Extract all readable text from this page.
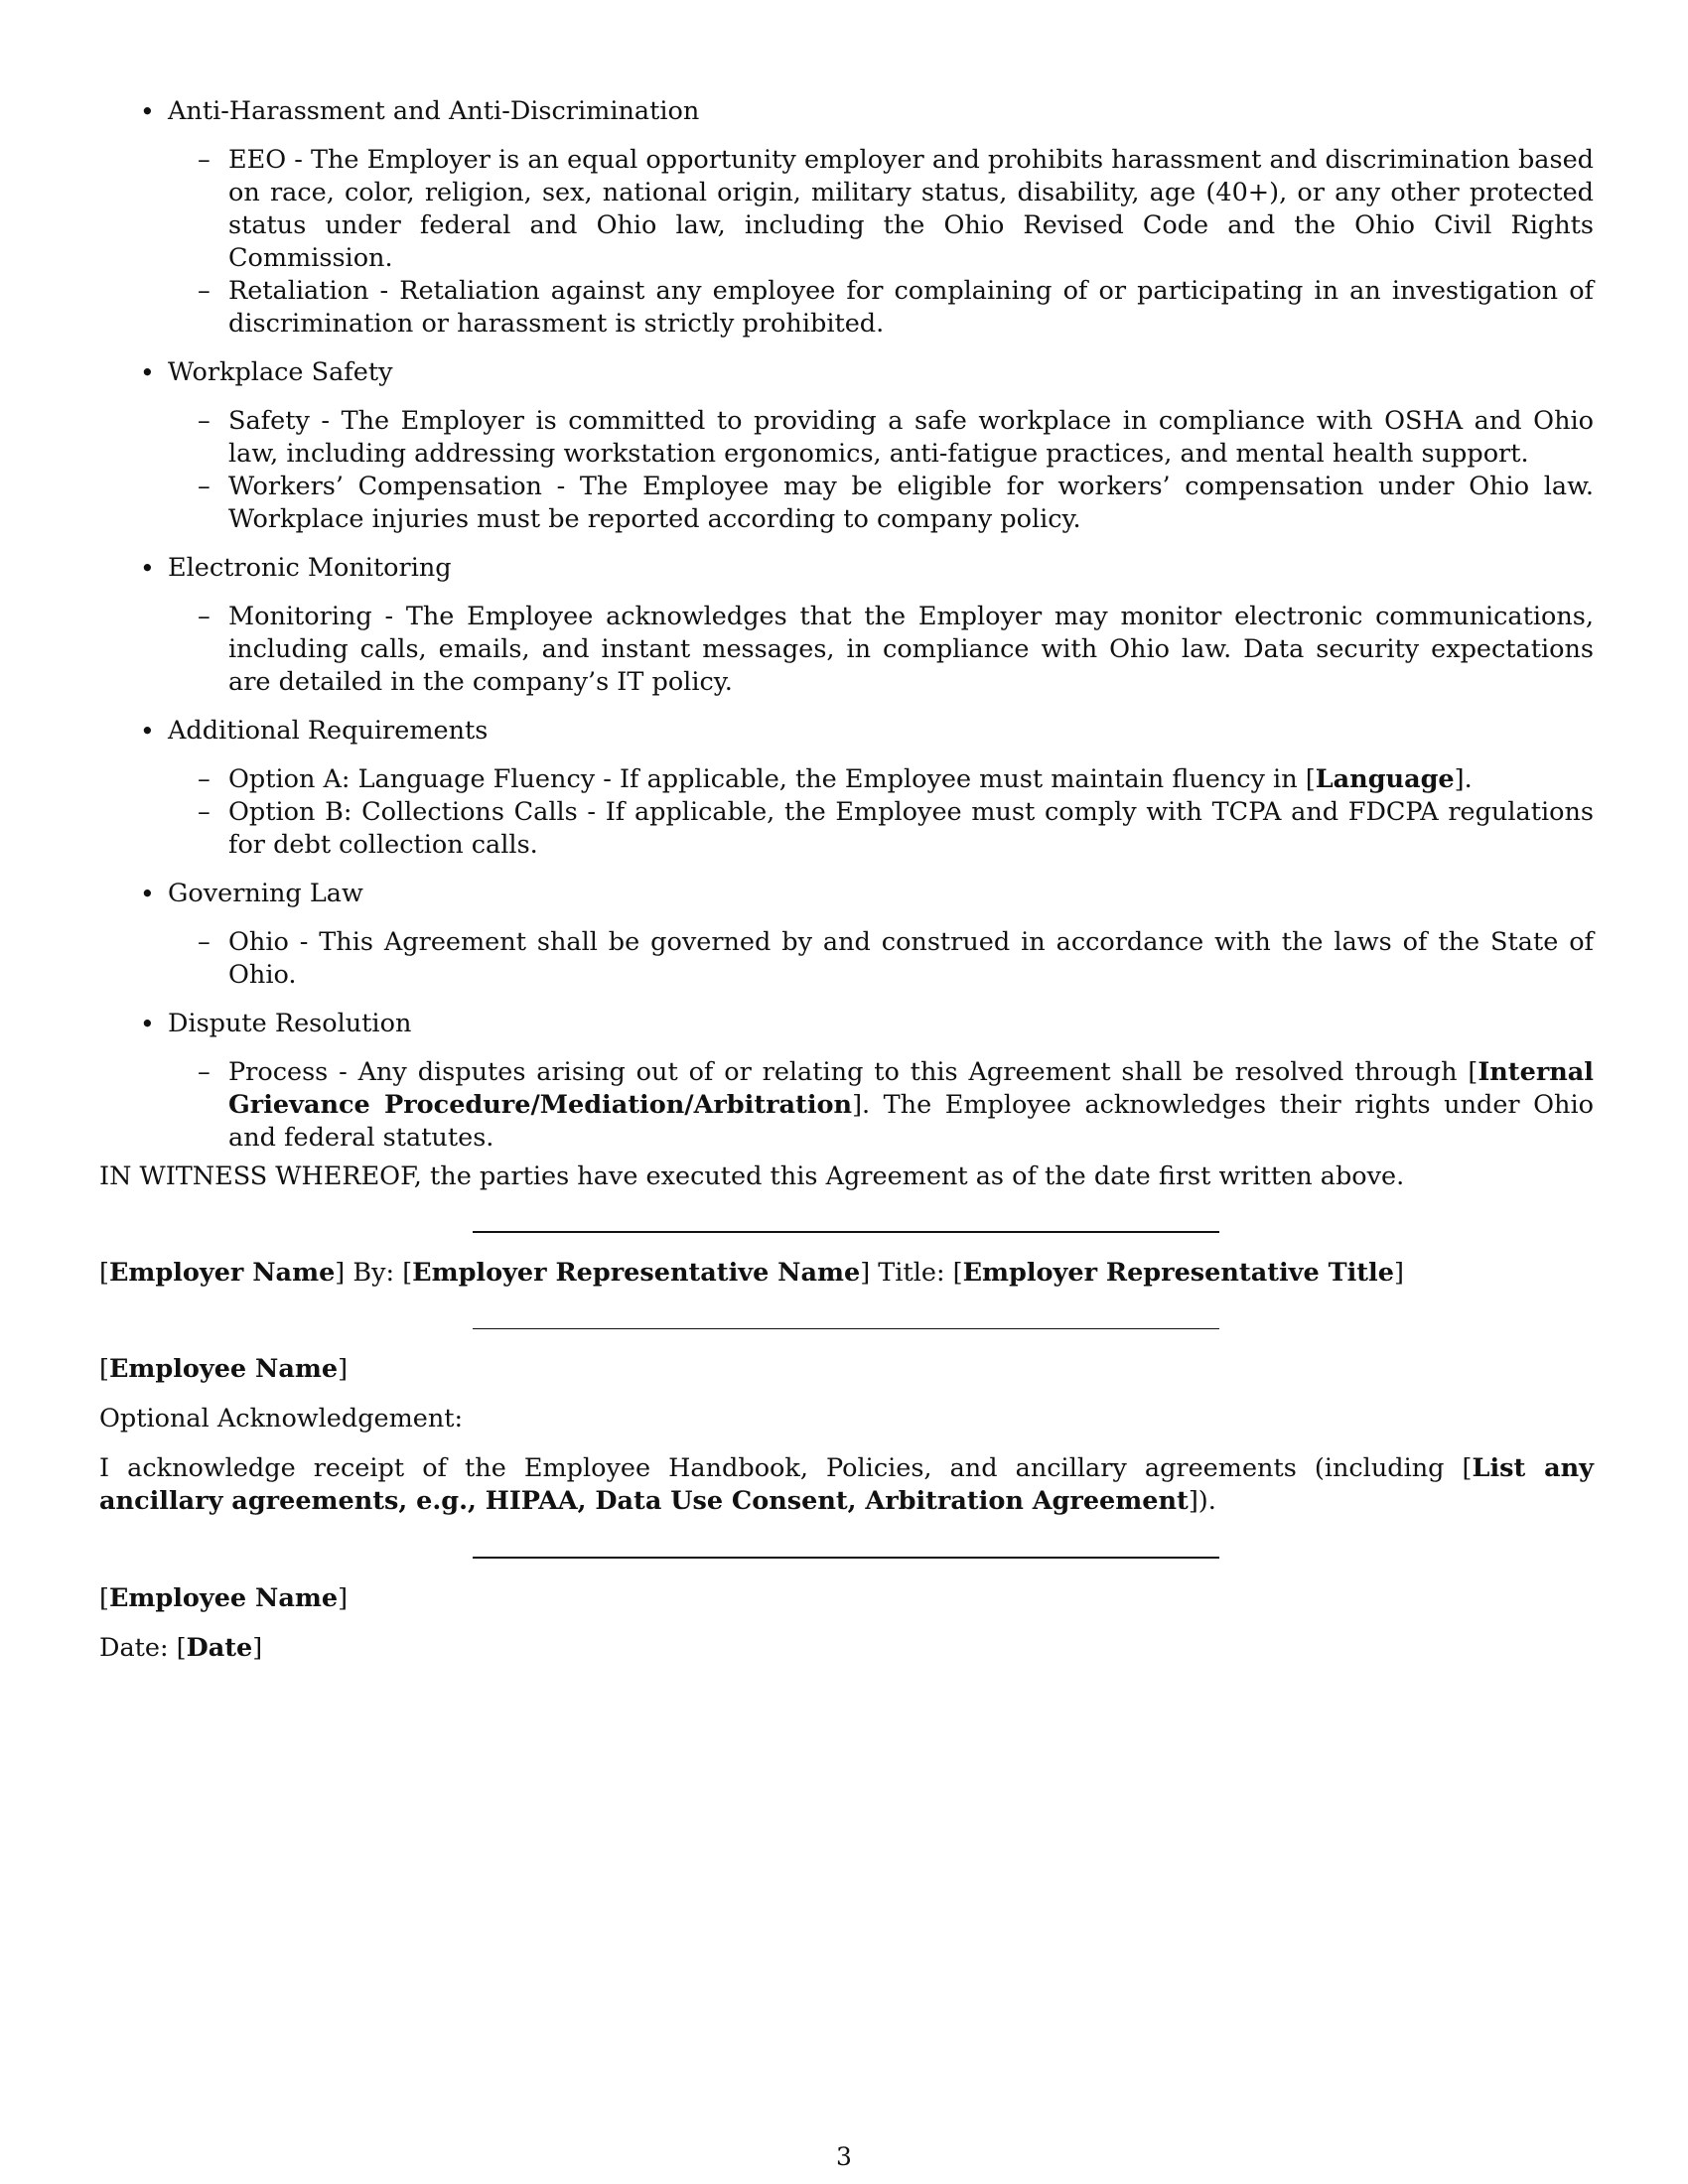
• Anti-Harassment and Anti-Discrimination
– EEO - The Employer is an equal opportunity employer and prohibits harassment and discrimination based on race, color, religion, sex, national origin, military status, disability, age (40+), or any other protected status under federal and Ohio law, including the Ohio Revised Code and the Ohio Civil Rights Commission.
– Retaliation - Retaliation against any employee for complaining of or participating in an investigation of discrimination or harassment is strictly prohibited.
• Workplace Safety
– Safety - The Employer is committed to providing a safe workplace in compliance with OSHA and Ohio law, including addressing workstation ergonomics, anti-fatigue practices, and mental health support.
– Workers’ Compensation - The Employee may be eligible for workers’ compensation under Ohio law. Workplace injuries must be reported according to company policy.
• Electronic Monitoring
– Monitoring - The Employee acknowledges that the Employer may monitor electronic communications, including calls, emails, and instant messages, in compliance with Ohio law. Data security expectations are detailed in the company’s IT policy.
• Additional Requirements
– Option A: Language Fluency - If applicable, the Employee must maintain fluency in [Language].
– Option B: Collections Calls - If applicable, the Employee must comply with TCPA and FDCPA regulations for debt collection calls.
• Governing Law
– Ohio - This Agreement shall be governed by and construed in accordance with the laws of the State of Ohio.
• Dispute Resolution
– Process - Any disputes arising out of or relating to this Agreement shall be resolved through [Internal Grievance Procedure/Mediation/Arbitration]. The Employee acknowledges their rights under Ohio and federal statutes.

IN WITNESS WHEREOF, the parties have executed this Agreement as of the date first written above.

[Employer Name] By: [Employer Representative Name] Title: [Employer Representative Title]

[Employee Name]

Optional Acknowledgement:

I acknowledge receipt of the Employee Handbook, Policies, and ancillary agreements (including [List any ancillary agreements, e.g., HIPAA, Data Use Consent, Arbitration Agreement]).

[Employee Name]

Date: [Date]

3
